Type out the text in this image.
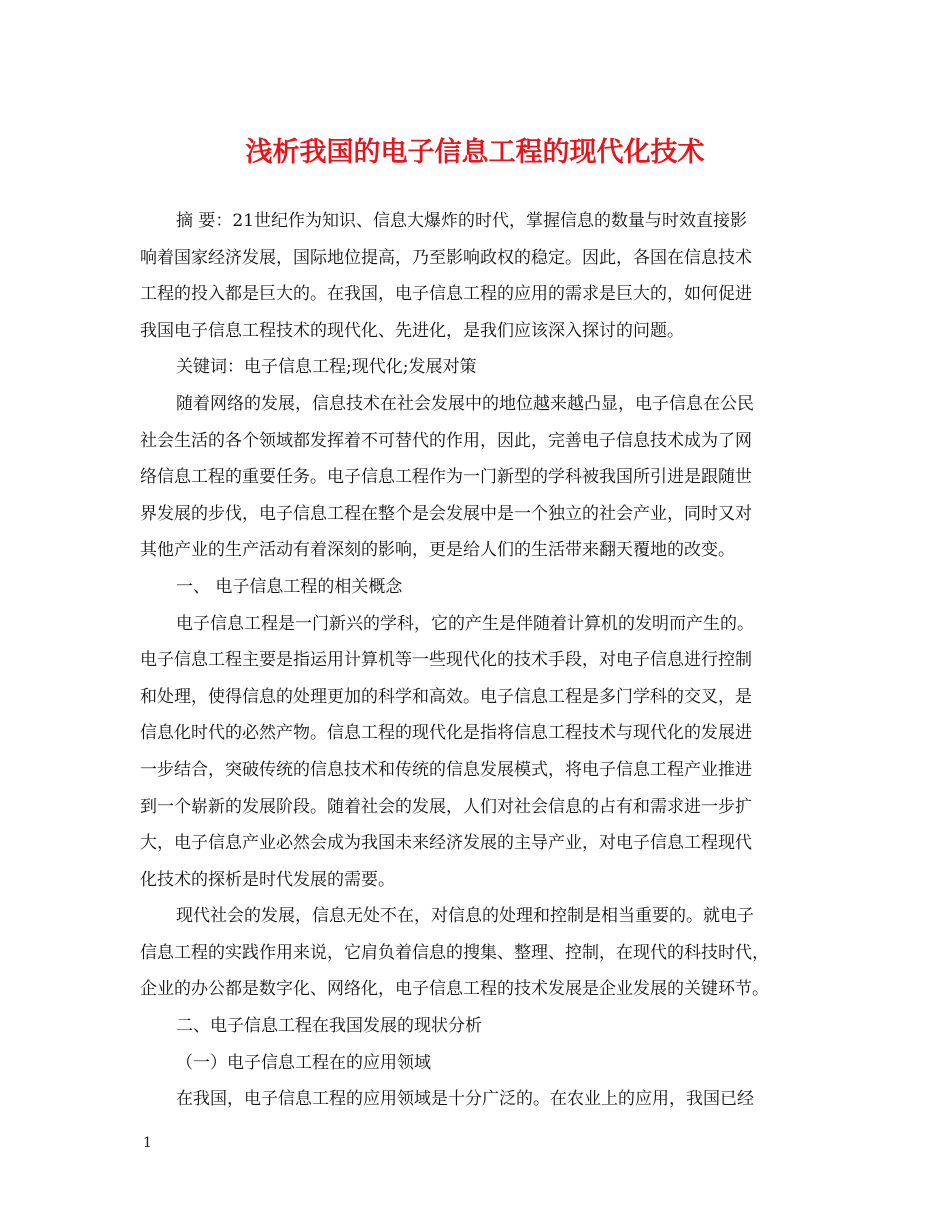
浅析我国的电子信息工程的现代化技术
摘 要：21世纪作为知识、信息大爆炸的时代，掌握信息的数量与时效直接影
响着国家经济发展，国际地位提高，乃至影响政权的稳定。因此，各国在信息技术
工程的投入都是巨大的。在我国，电子信息工程的应用的需求是巨大的，如何促进
我国电子信息工程技术的现代化、先进化，是我们应该深入探讨的问题。
关键词：电子信息工程;现代化;发展对策
随着网络的发展，信息技术在社会发展中的地位越来越凸显，电子信息在公民
社会生活的各个领域都发挥着不可替代的作用，因此，完善电子信息技术成为了网
络信息工程的重要任务。电子信息工程作为一门新型的学科被我国所引进是跟随世
界发展的步伐，电子信息工程在整个是会发展中是一个独立的社会产业，同时又对
其他产业的生产活动有着深刻的影响，更是给人们的生活带来翻天覆地的改变。
一、 电子信息工程的相关概念
电子信息工程是一门新兴的学科，它的产生是伴随着计算机的发明而产生的。
电子信息工程主要是指运用计算机等一些现代化的技术手段，对电子信息进行控制
和处理，使得信息的处理更加的科学和高效。电子信息工程是多门学科的交叉，是
信息化时代的必然产物。信息工程的现代化是指将信息工程技术与现代化的发展进
一步结合，突破传统的信息技术和传统的信息发展模式，将电子信息工程产业推进
到一个崭新的发展阶段。随着社会的发展，人们对社会信息的占有和需求进一步扩
大，电子信息产业必然会成为我国未来经济发展的主导产业，对电子信息工程现代
化技术的探析是时代发展的需要。
现代社会的发展，信息无处不在，对信息的处理和控制是相当重要的。就电子
信息工程的实践作用来说，它肩负着信息的搜集、整理、控制，在现代的科技时代，
企业的办公都是数字化、网络化，电子信息工程的技术发展是企业发展的关键环节。
二、电子信息工程在我国发展的现状分析
（一）电子信息工程在的应用领域
在我国，电子信息工程的应用领域是十分广泛的。在农业上的应用，我国已经
1
